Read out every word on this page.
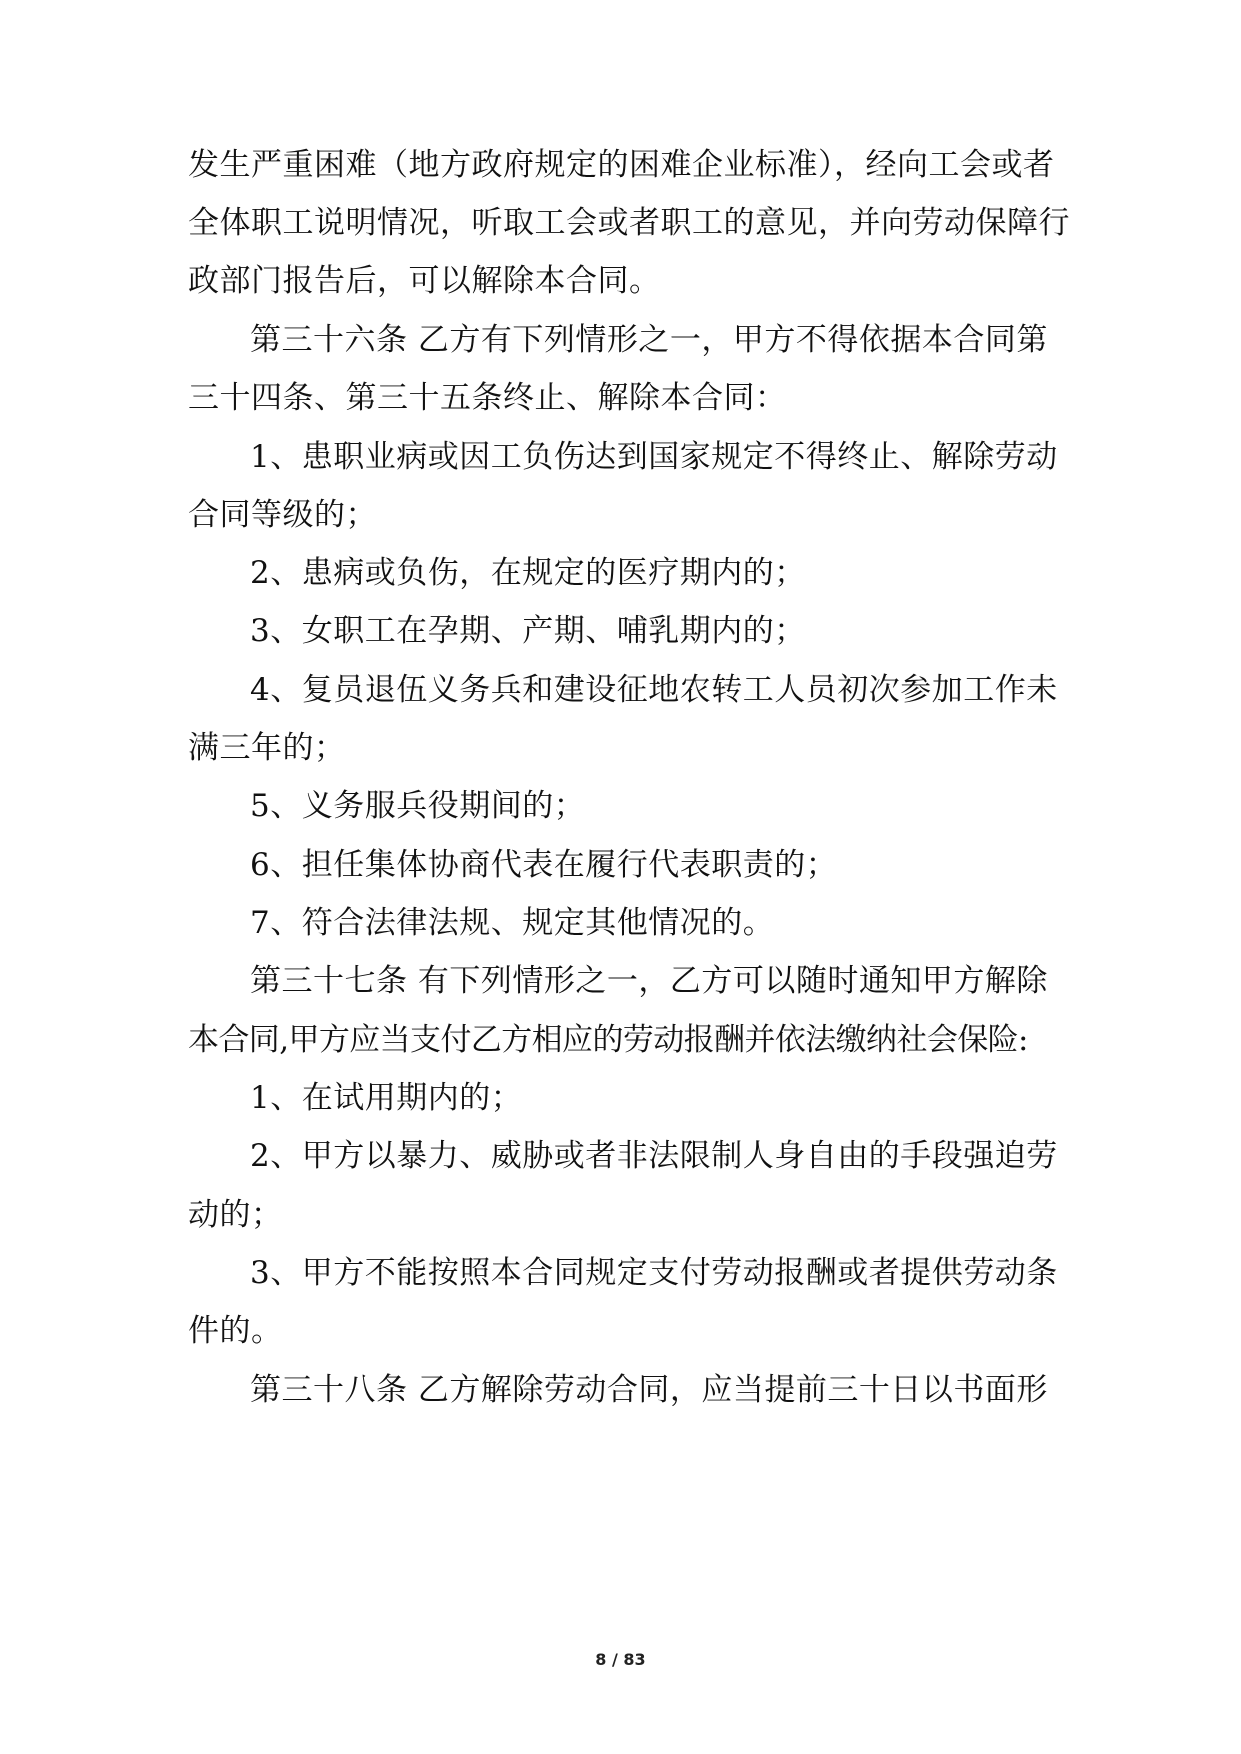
发生严重困难（地方政府规定的困难企业标准），经向工会或者
全体职工说明情况，听取工会或者职工的意见，并向劳动保障行
政部门报告后，可以解除本合同。
第三十六条 乙方有下列情形之一，甲方不得依据本合同第
三十四条、第三十五条终止、解除本合同：
1、患职业病或因工负伤达到国家规定不得终止、解除劳动
合同等级的；
2、患病或负伤，在规定的医疗期内的；
3、女职工在孕期、产期、哺乳期内的；
4、复员退伍义务兵和建设征地农转工人员初次参加工作未
满三年的；
5、义务服兵役期间的；
6、担任集体协商代表在履行代表职责的；
7、符合法律法规、规定其他情况的。
第三十七条 有下列情形之一，乙方可以随时通知甲方解除
本合同,甲方应当支付乙方相应的劳动报酬并依法缴纳社会保险:
1、在试用期内的；
2、甲方以暴力、威胁或者非法限制人身自由的手段强迫劳
动的；
3、甲方不能按照本合同规定支付劳动报酬或者提供劳动条
件的。
第三十八条 乙方解除劳动合同，应当提前三十日以书面形
8 / 83
